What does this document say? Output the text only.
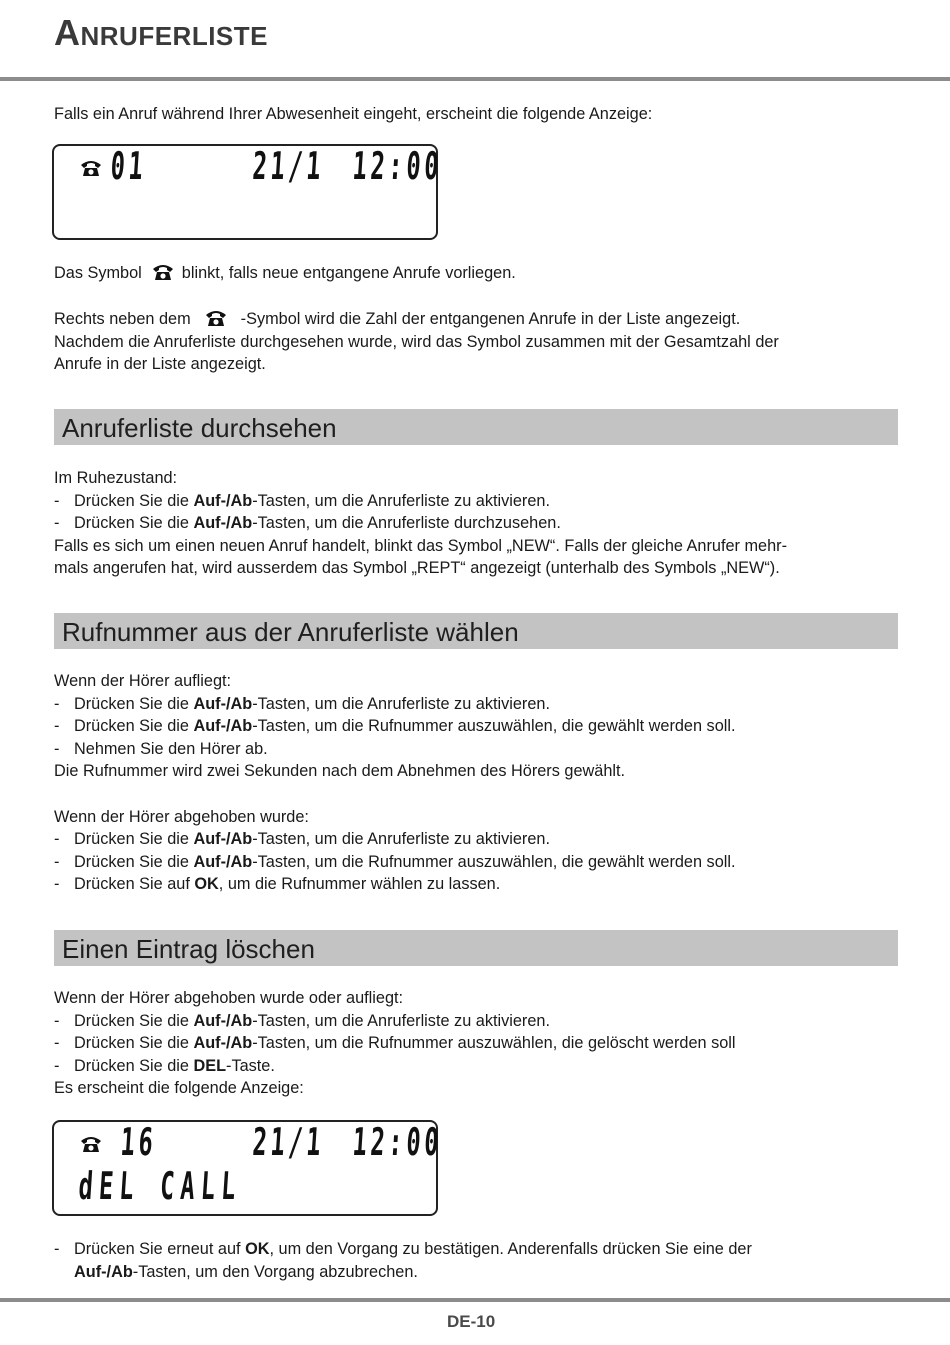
ANRUFERLISTE
Falls ein Anruf während Ihrer Abwesenheit eingeht, erscheint die folgende Anzeige:
01	21/1 12:00
Das Symbol blinkt, falls neue entgangene Anrufe vorliegen.
Rechts neben dem	-Symbol wird die Zahl der entgangenen Anrufe in der Liste angezeigt.
Nachdem die Anruferliste durchgesehen wurde, wird das Symbol zusammen mit der Gesamtzahl der
Anrufe in der Liste angezeigt.
Anruferliste durchsehen
Im Ruhezustand:
- Drücken Sie die Auf-/Ab-Tasten, um die Anruferliste zu aktivieren.
- Drücken Sie die Auf-/Ab-Tasten, um die Anruferliste durchzusehen.
Falls es sich um einen neuen Anruf handelt, blinkt das Symbol „NEW“. Falls der gleiche Anrufer mehr-
mals angerufen hat, wird ausserdem das Symbol „REPT“ angezeigt (unterhalb des Symbols „NEW“).
Rufnummer aus der Anruferliste wählen
Wenn der Hörer aufliegt:
- Drücken Sie die Auf-/Ab-Tasten, um die Anruferliste zu aktivieren.
- Drücken Sie die Auf-/Ab-Tasten, um die Rufnummer auszuwählen, die gewählt werden soll.
- Nehmen Sie den Hörer ab.
Die Rufnummer wird zwei Sekunden nach dem Abnehmen des Hörers gewählt.
Wenn der Hörer abgehoben wurde:
- Drücken Sie die Auf-/Ab-Tasten, um die Anruferliste zu aktivieren.
- Drücken Sie die Auf-/Ab-Tasten, um die Rufnummer auszuwählen, die gewählt werden soll.
- Drücken Sie auf OK, um die Rufnummer wählen zu lassen.
Einen Eintrag löschen
Wenn der Hörer abgehoben wurde oder aufliegt:
- Drücken Sie die Auf-/Ab-Tasten, um die Anruferliste zu aktivieren.
- Drücken Sie die Auf-/Ab-Tasten, um die Rufnummer auszuwählen, die gelöscht werden soll
- Drücken Sie die DEL-Taste.
Es erscheint die folgende Anzeige:
16 21/1 12:00
dEL CALL
- Drücken Sie erneut auf OK, um den Vorgang zu bestätigen. Anderenfalls drücken Sie eine der
Auf-/Ab-Tasten, um den Vorgang abzubrechen.
DE-10
